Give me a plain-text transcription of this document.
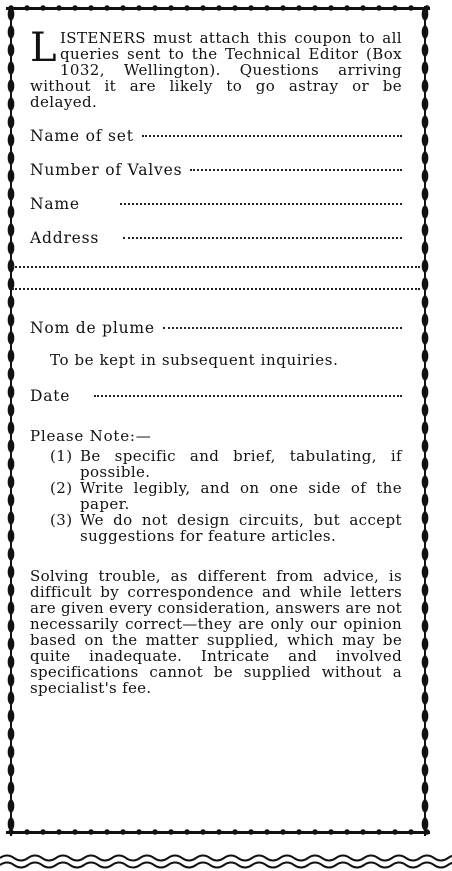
LISTENERS must attach this coupon to all queries sent to the Technical Editor (Box 1032, Wellington). Questions arriving without it are likely to go astray or be delayed.

Name of set
Number of Valves
Name
Address
Nom de plume
To be kept in subsequent inquiries.
Date
Please Note:—
(1) Be specific and brief, tabulating, if possible.
(2) Write legibly, and on one side of the paper.
(3) We do not design circuits, but accept suggestions for feature articles.

Solving trouble, as different from advice, is difficult by correspondence and while letters are given every consideration, answers are not necessarily correct—they are only our opinion based on the matter supplied, which may be quite inadequate. Intricate and involved specifications cannot be supplied without a specialist's fee.
